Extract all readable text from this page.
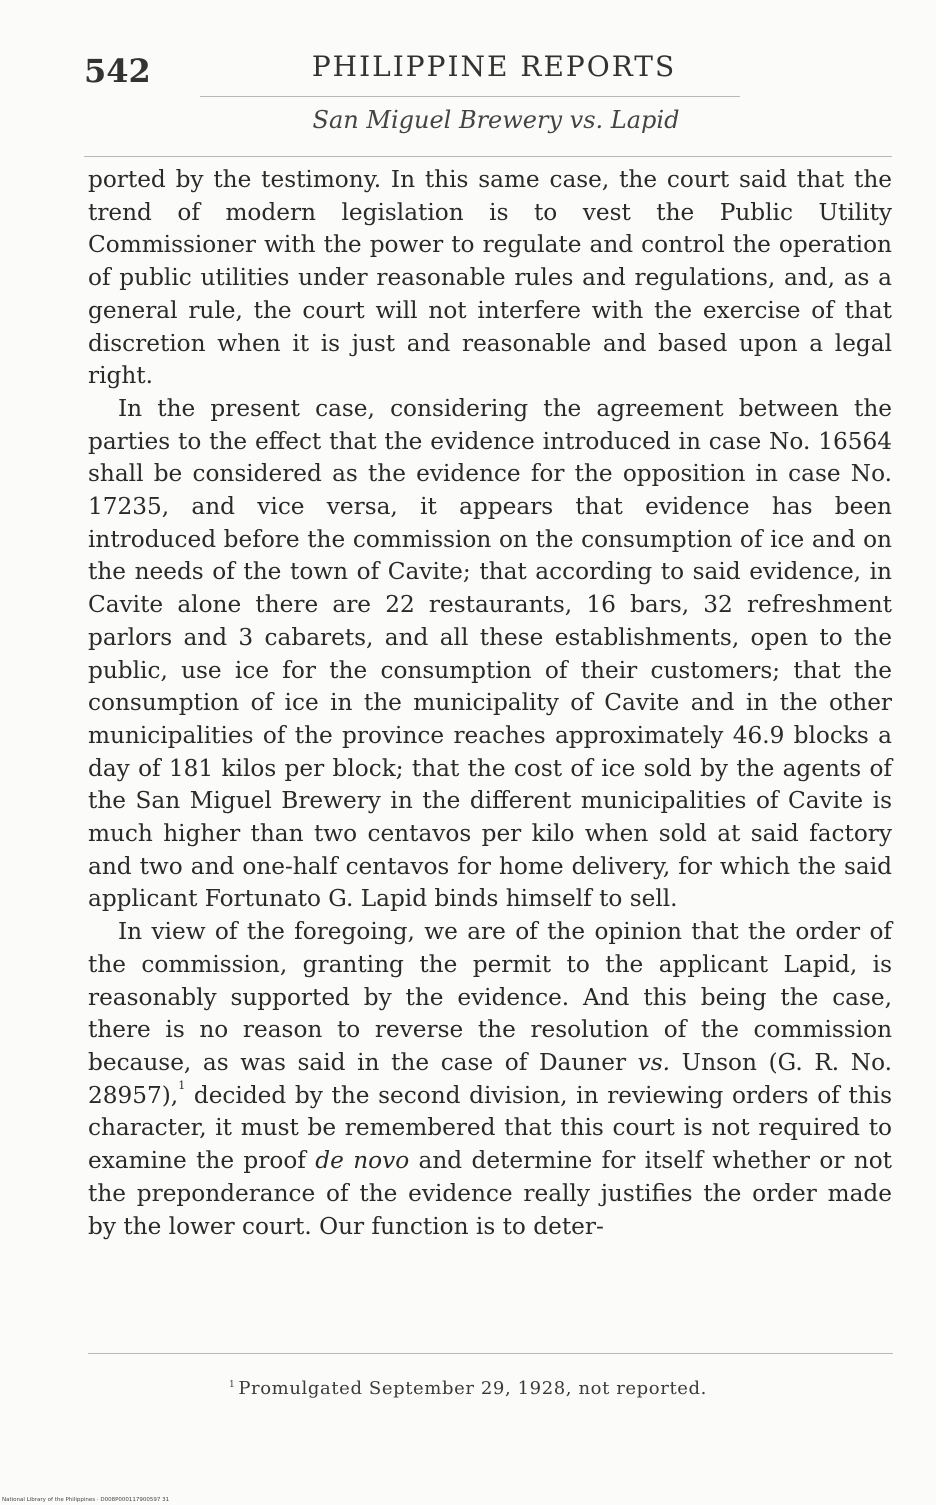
542	PHILIPPINE REPORTS
San Miguel Brewery vs. Lapid

ported by the testimony. In this same case, the court said that the trend of modern legislation is to vest the Public Utility Commissioner with the power to regulate and control the operation of public utilities under reasonable rules and regulations, and, as a general rule, the court will not interfere with the exercise of that discretion when it is just and reasonable and based upon a legal right.

In the present case, considering the agreement between the parties to the effect that the evidence introduced in case No. 16564 shall be considered as the evidence for the opposition in case No. 17235, and vice versa, it appears that evidence has been introduced before the commission on the consumption of ice and on the needs of the town of Cavite; that according to said evidence, in Cavite alone there are 22 restaurants, 16 bars, 32 refreshment parlors and 3 cabarets, and all these establishments, open to the public, use ice for the consumption of their customers; that the consumption of ice in the municipality of Cavite and in the other municipalities of the province reaches approximately 46.9 blocks a day of 181 kilos per block; that the cost of ice sold by the agents of the San Miguel Brewery in the different municipalities of Cavite is much higher than two centavos per kilo when sold at said factory and two and one-half centavos for home delivery, for which the said applicant Fortunato G. Lapid binds himself to sell.

In view of the foregoing, we are of the opinion that the order of the commission, granting the permit to the applicant Lapid, is reasonably supported by the evidence. And this being the case, there is no reason to reverse the resolution of the commission because, as was said in the case of Dauner vs. Unson (G. R. No. 28957),$^1$ decided by the second division, in reviewing orders of this character, it must be remembered that this court is not required to examine the proof de novo and determine for itself whether or not the preponderance of the evidence really justifies the order made by the lower court. Our function is to deter-

$^1$ Promulgated September 29, 1928, not reported.
National Library of the Philippines · D008P000117900597 31
